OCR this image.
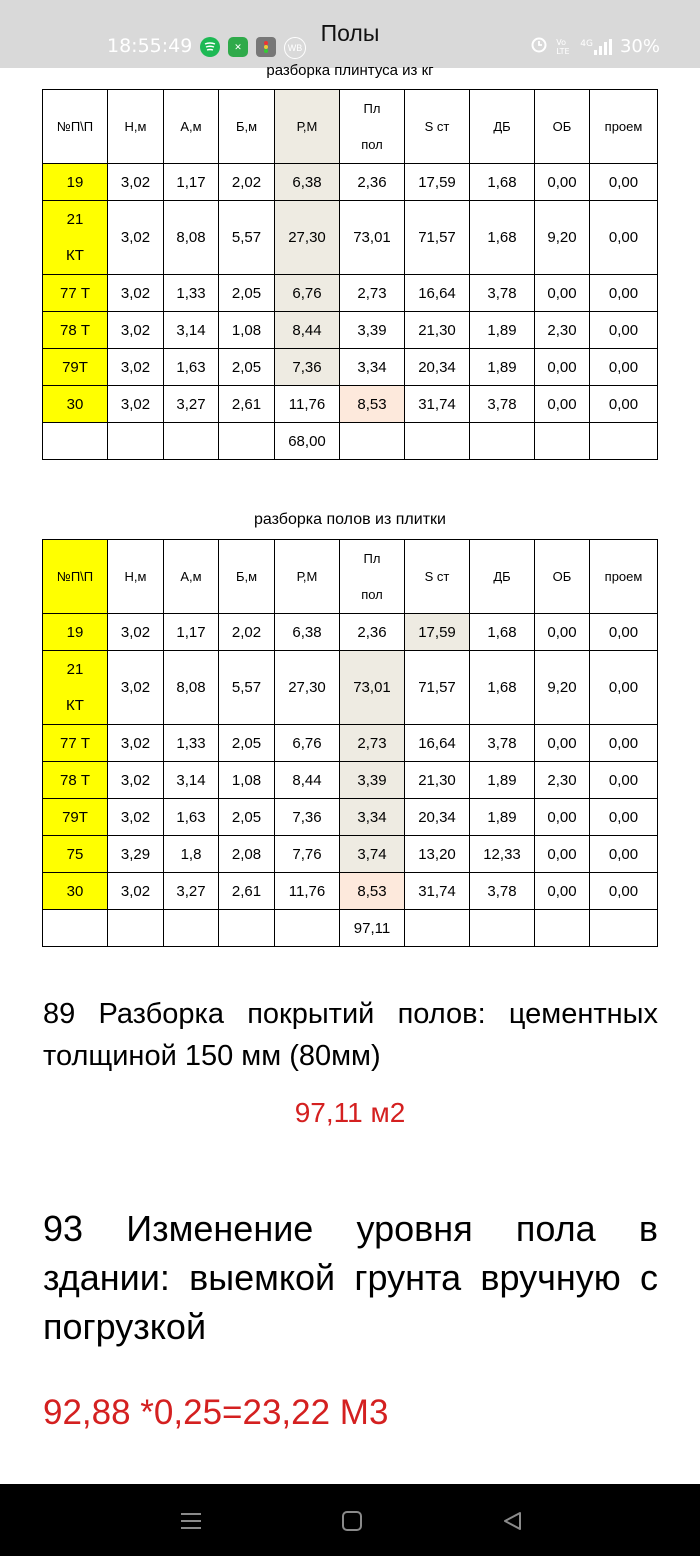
18:55:49	✕	WB
Полы	Vo LTE
4G 30%
разборка плинтуса из кг
№П\П	Н,м	А,м	Б,м	Р,М	Пл пол	S ст	ДБ	ОБ	проем
19	3,02	1,17	2,02	6,38	2,36	17,59	1,68	0,00	0,00
21 КТ	3,02	8,08	5,57	27,30	73,01	71,57	1,68	9,20	0,00
77 Т	3,02	1,33	2,05	6,76	2,73	16,64	3,78	0,00	0,00
78 Т	3,02	3,14	1,08	8,44	3,39	21,30	1,89	2,30	0,00
79Т	3,02	1,63	2,05	7,36	3,34	20,34	1,89	0,00	0,00
30	3,02	3,27	2,61	11,76	8,53	31,74	3,78	0,00	0,00
				68,00					
разборка полов из плитки
№П\П	Н,м	А,м	Б,м	Р,М	Пл пол	S ст	ДБ	ОБ	проем
19	3,02	1,17	2,02	6,38	2,36	17,59	1,68	0,00	0,00
21 КТ	3,02	8,08	5,57	27,30	73,01	71,57	1,68	9,20	0,00
77 Т	3,02	1,33	2,05	6,76	2,73	16,64	3,78	0,00	0,00
78 Т	3,02	3,14	1,08	8,44	3,39	21,30	1,89	2,30	0,00
79Т	3,02	1,63	2,05	7,36	3,34	20,34	1,89	0,00	0,00
75	3,29	1,8	2,08	7,76	3,74	13,20	12,33	0,00	0,00
30	3,02	3,27	2,61	11,76	8,53	31,74	3,78	0,00	0,00
					97,11				
89 Разборка покрытий полов: цементных толщиной 150 мм (80мм)
97,11 м2
93 Изменение уровня пола в здании: выемкой грунта вручную с погрузкой
92,88 *0,25=23,22 М3
